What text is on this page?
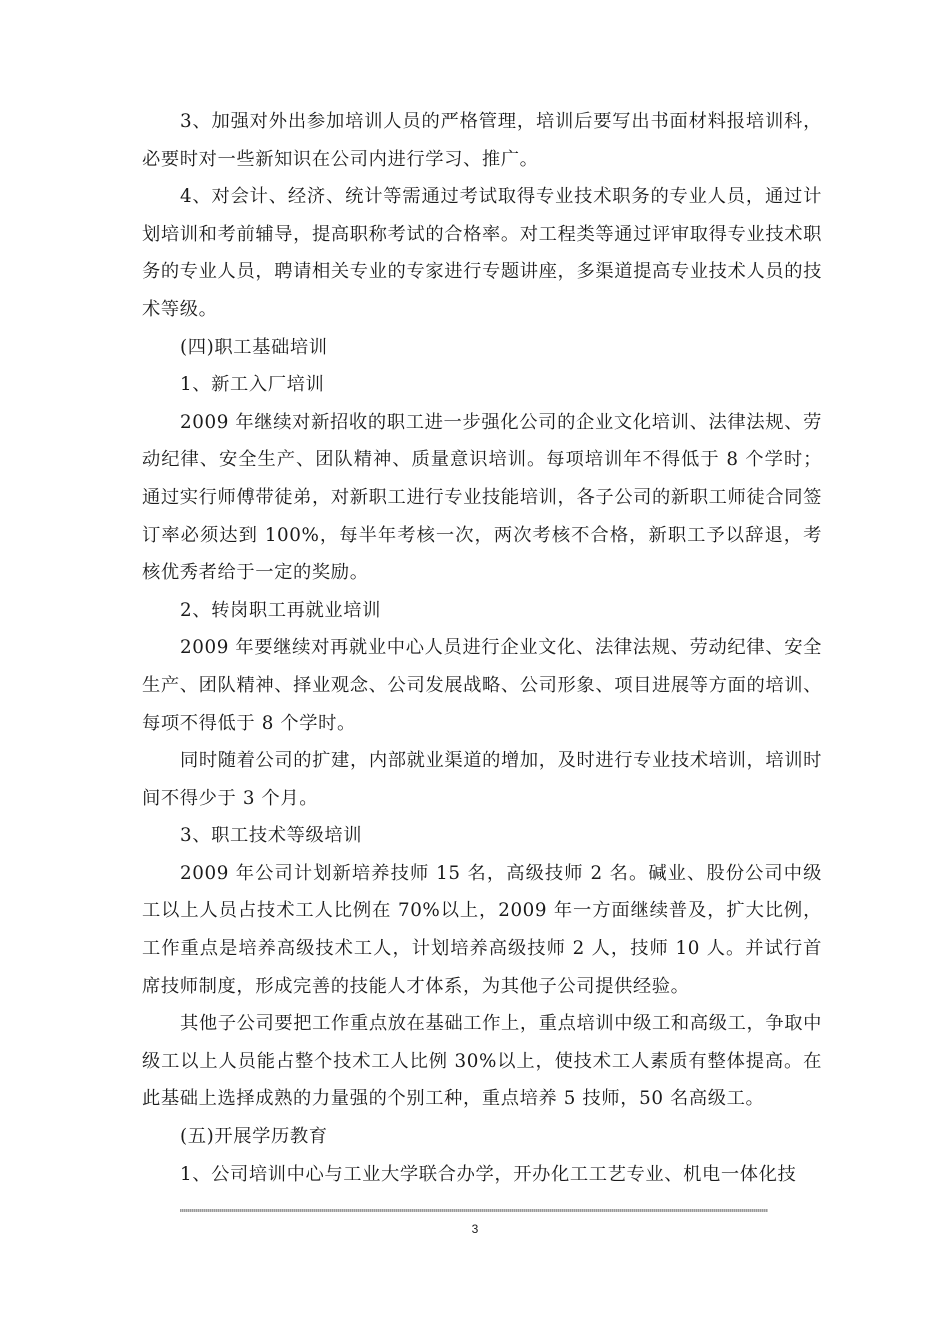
3、加强对外出参加培训人员的严格管理，培训后要写出书面材料报培训科，必要时对一些新知识在公司内进行学习、推广。

4、对会计、经济、统计等需通过考试取得专业技术职务的专业人员，通过计划培训和考前辅导，提高职称考试的合格率。对工程类等通过评审取得专业技术职务的专业人员，聘请相关专业的专家进行专题讲座，多渠道提高专业技术人员的技术等级。

(四)职工基础培训

1、新工入厂培训

2009 年继续对新招收的职工进一步强化公司的企业文化培训、法律法规、劳动纪律、安全生产、团队精神、质量意识培训。每项培训年不得低于 8 个学时；通过实行师傅带徒弟，对新职工进行专业技能培训，各子公司的新职工师徒合同签订率必须达到 100%，每半年考核一次，两次考核不合格，新职工予以辞退，考核优秀者给于一定的奖励。

2、转岗职工再就业培训

2009 年要继续对再就业中心人员进行企业文化、法律法规、劳动纪律、安全生产、团队精神、择业观念、公司发展战略、公司形象、项目进展等方面的培训、每项不得低于 8 个学时。

同时随着公司的扩建，内部就业渠道的增加，及时进行专业技术培训，培训时间不得少于 3 个月。

3、职工技术等级培训

2009 年公司计划新培养技师 15 名，高级技师 2 名。碱业、股份公司中级工以上人员占技术工人比例在 70%以上，2009 年一方面继续普及，扩大比例，工作重点是培养高级技术工人，计划培养高级技师 2 人，技师 10 人。并试行首席技师制度，形成完善的技能人才体系，为其他子公司提供经验。

其他子公司要把工作重点放在基础工作上，重点培训中级工和高级工，争取中级工以上人员能占整个技术工人比例 30%以上，使技术工人素质有整体提高。在此基础上选择成熟的力量强的个别工种，重点培养 5 技师，50 名高级工。

(五)开展学历教育

1、公司培训中心与工业大学联合办学，开办化工工艺专业、机电一体化技

3
